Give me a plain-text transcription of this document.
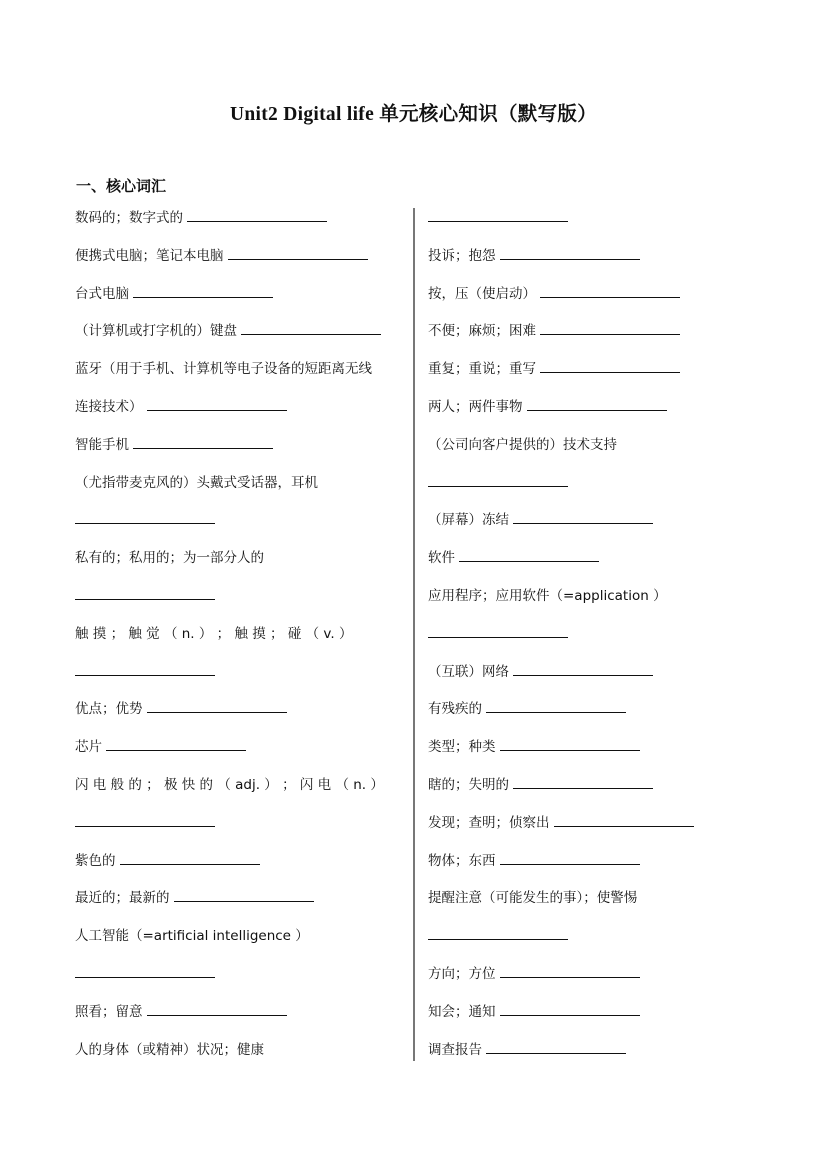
Unit2 Digital life 单元核心知识（默写版）
一、核心词汇
数码的；数字式的
便携式电脑；笔记本电脑
台式电脑
（计算机或打字机的）键盘
蓝牙（用于手机、计算机等电子设备的短距离无线
连接技术）
智能手机
（尤指带麦克风的）头戴式受话器，耳机
私有的；私用的；为一部分人的
触 摸 ； 触 觉 （ n. ） ； 触 摸 ； 碰 （ v. ）
优点；优势
芯片
闪 电 般 的 ； 极 快 的 （ adj. ） ； 闪 电 （ n. ）
紫色的
最近的；最新的
人工智能（=artificial intelligence ）
照看；留意
人的身体（或精神）状况；健康
投诉；抱怨
按，压（使启动）
不便；麻烦；困难
重复；重说；重写
两人；两件事物
（公司向客户提供的）技术支持
（屏幕）冻结
软件
应用程序；应用软件（=application ）
（互联）网络
有残疾的
类型；种类
瞎的；失明的
发现；查明；侦察出
物体；东西
提醒注意（可能发生的事）；使警惕
方向；方位
知会；通知
调查报告
